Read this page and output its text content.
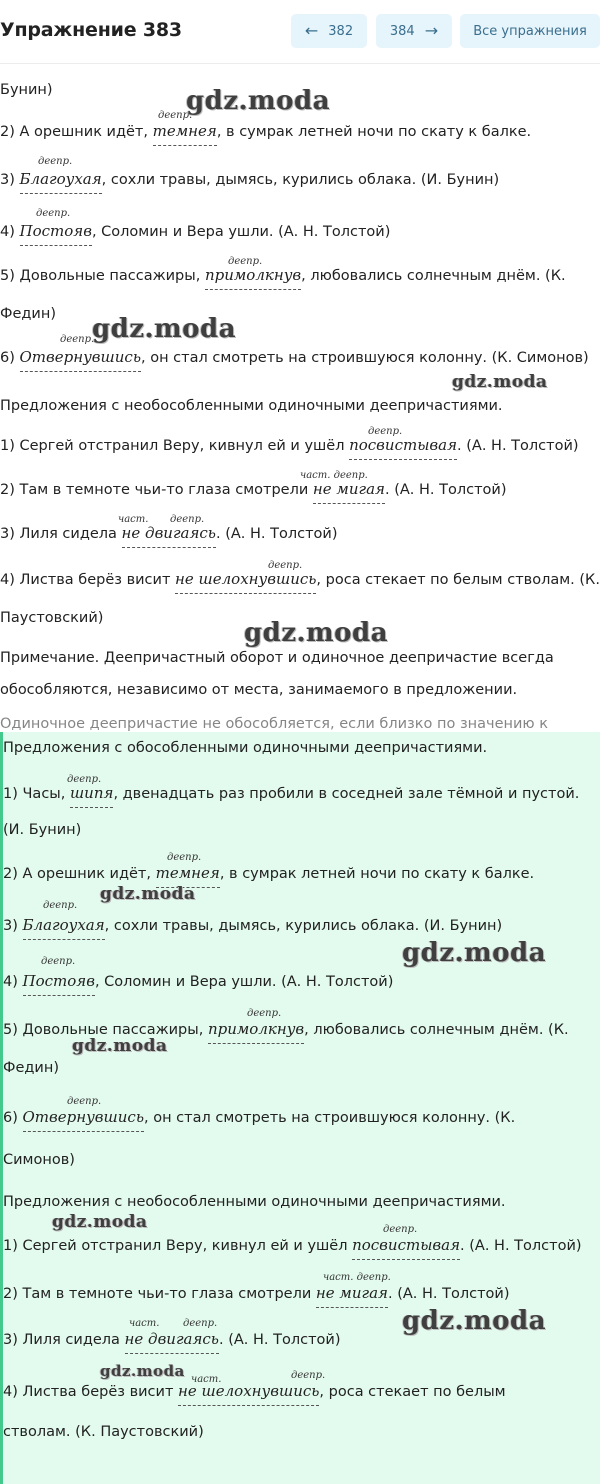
Упражнение 383	← 382	384 →	Все упражнения
Бунин)
деепр.
2) А орешник идёт, темнея, в сумрак летней ночи по скату к балке.
деепр.
3) Благоухая, сохли травы, дымясь, курились облака. (И. Бунин)
деепр.
4) Постояв, Соломин и Вера ушли. (А. Н. Толстой)
деепр.
5) Довольные пассажиры, примолкнув, любовались солнечным днём. (К.
Федин)
деепр.
6) Отвернувшись, он стал смотреть на строившуюся колонну. (К. Симонов)
Предложения с необособленными одиночными деепричастиями.
деепр.
1) Сергей отстранил Веру, кивнул ей и ушёл посвистывая. (А. Н. Толстой)
част. деепр.
2) Там в темноте чьи-то глаза смотрели не мигая. (А. Н. Толстой)
част. деепр.
3) Лиля сидела не двигаясь. (А. Н. Толстой)
деепр.
4) Листва берёз висит не шелохнувшись, роса стекает по белым стволам. (К.
Паустовский)
Примечание. Деепричастный оборот и одиночное деепричастие всегда
обособляются, независимо от места, занимаемого в предложении.
Одиночное деепричастие не обособляется, если близко по значению к
Предложения с обособленными одиночными деепричастиями.
деепр.
1) Часы, шипя, двенадцать раз пробили в соседней зале тёмной и пустой.
(И. Бунин)
деепр.
2) А орешник идёт, темнея, в сумрак летней ночи по скату к балке.
деепр.
3) Благоухая, сохли травы, дымясь, курились облака. (И. Бунин)
деепр.
4) Постояв, Соломин и Вера ушли. (А. Н. Толстой)
деепр.
5) Довольные пассажиры, примолкнув, любовались солнечным днём. (К.
Федин)
деепр.
6) Отвернувшись, он стал смотреть на строившуюся колонну. (К.
Симонов)
Предложения с необособленными одиночными деепричастиями.
деепр.
1) Сергей отстранил Веру, кивнул ей и ушёл посвистывая. (А. Н. Толстой)
част. деепр.
2) Там в темноте чьи-то глаза смотрели не мигая. (А. Н. Толстой)
част. деепр.
3) Лиля сидела не двигаясь. (А. Н. Толстой)
част.	деепр.
4) Листва берёз висит не шелохнувшись, роса стекает по белым
стволам. (К. Паустовский)
gdz.moda
gdz.moda
gdz.moda
gdz.moda
gdz.moda
gdz.moda
gdz.moda
gdz.moda
gdz.moda
gdz.moda
